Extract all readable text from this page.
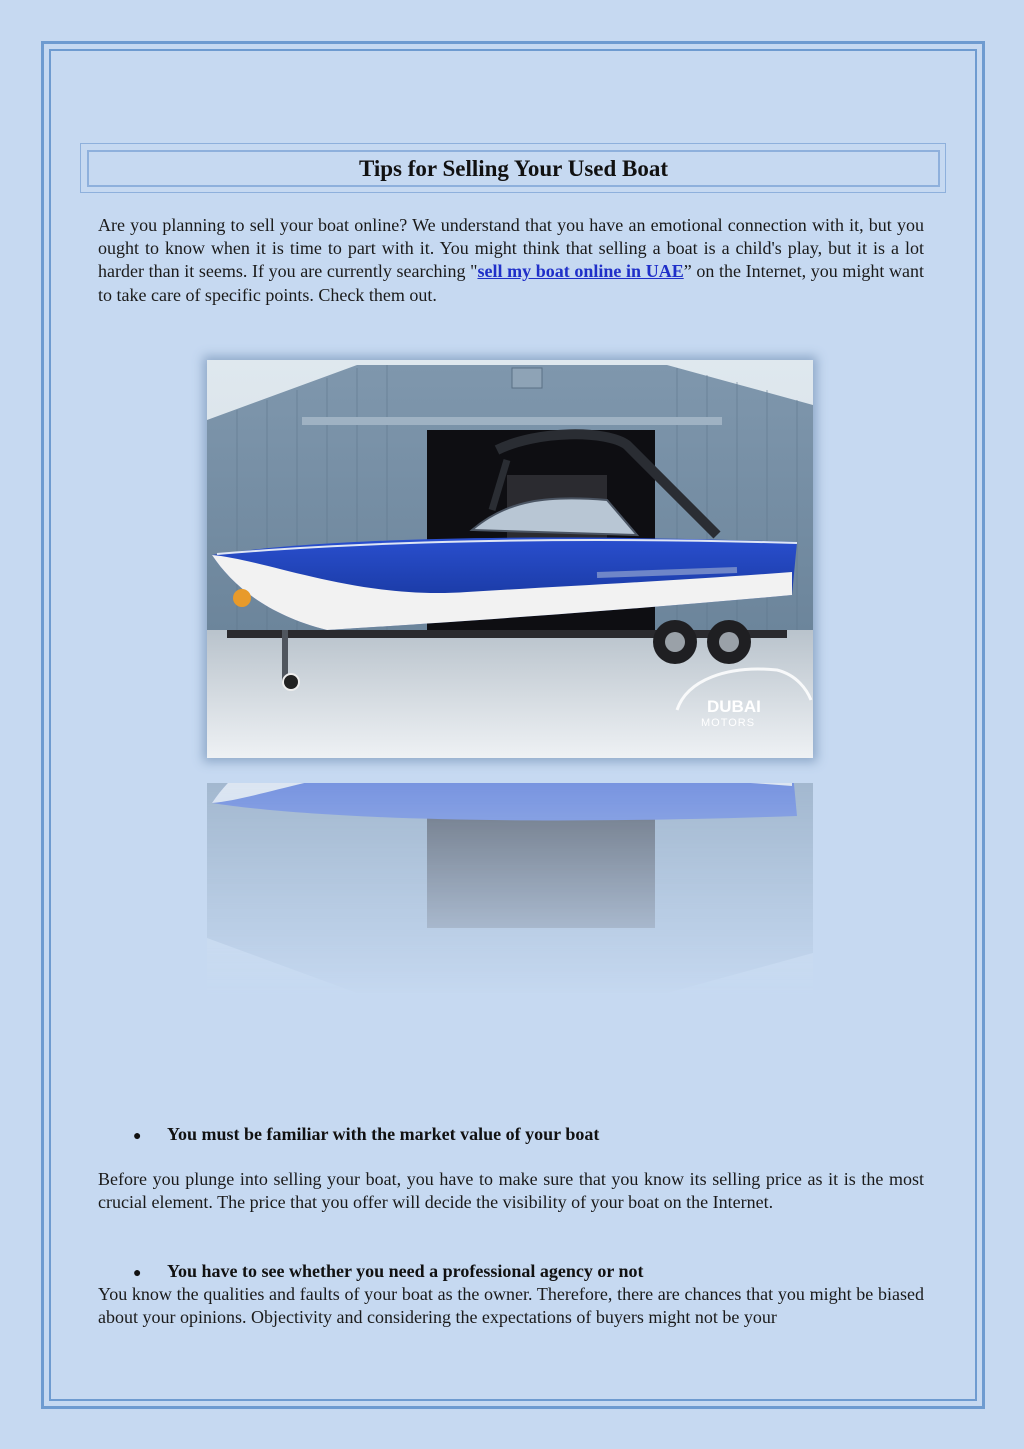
Tips for Selling Your Used Boat

Are you planning to sell your boat online? We understand that you have an emotional connection with it, but you ought to know when it is time to part with it. You might think that selling a boat is a child's play, but it is a lot harder than it seems. If you are currently searching "sell my boat online in UAE” on the Internet, you might want to take care of specific points. Check them out.

DUBAI
MOTORS
●	You must be familiar with the market value of your boat

Before you plunge into selling your boat, you have to make sure that you know its selling price as it is the most crucial element. The price that you offer will decide the visibility of your boat on the Internet.

●	You have to see whether you need a professional agency or not

You know the qualities and faults of your boat as the owner. Therefore, there are chances that you might be biased about your opinions. Objectivity and considering the expectations of buyers might not be your
